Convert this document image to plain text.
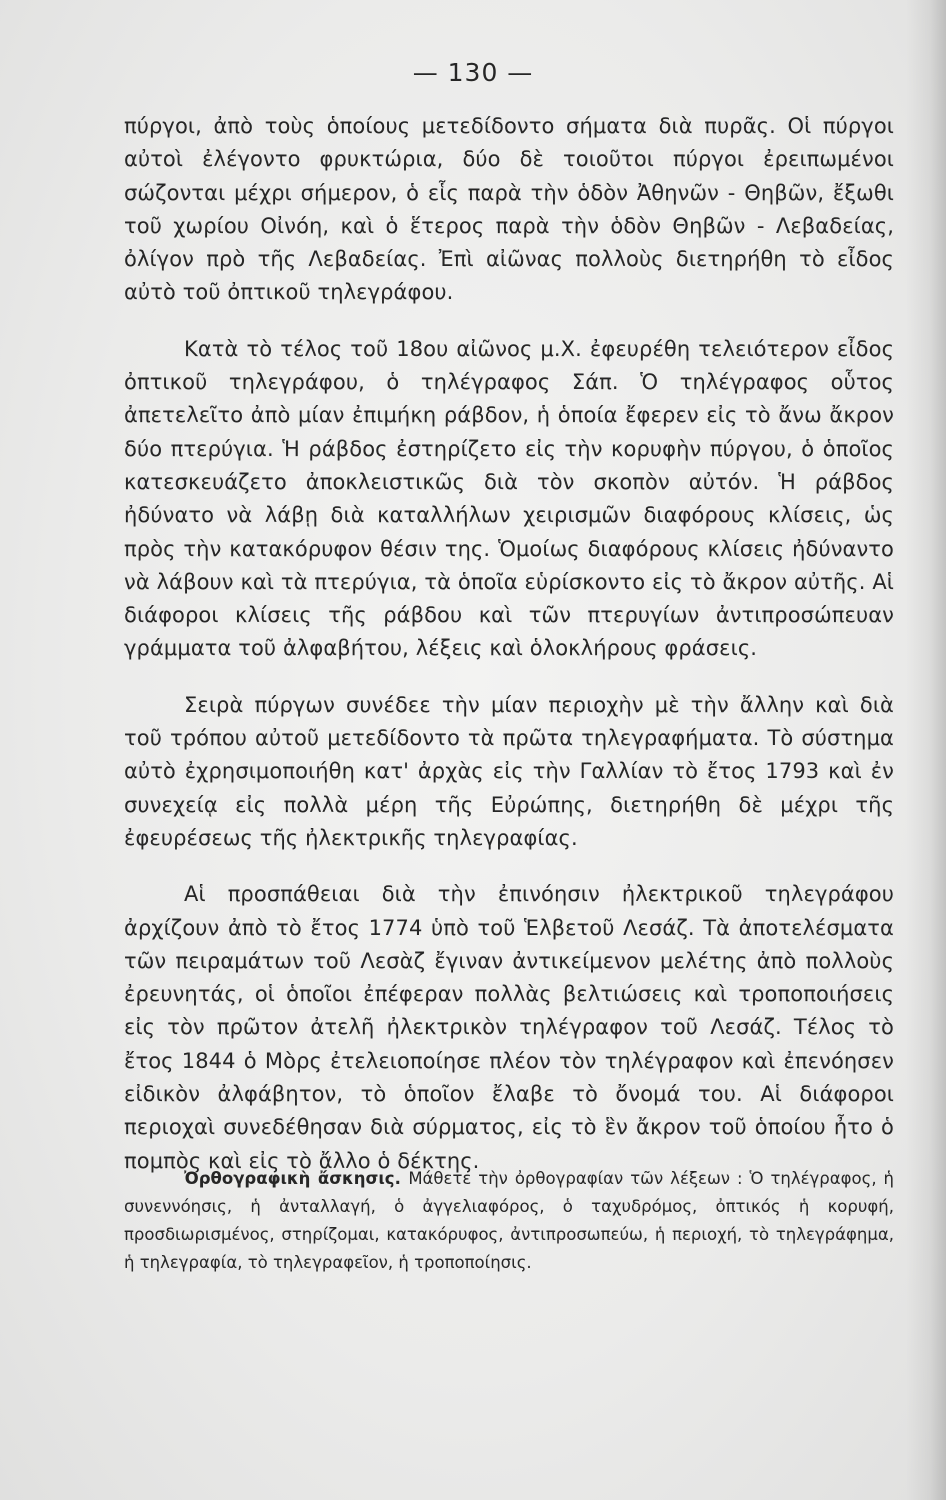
— 130 —

πύργοι, ἀπὸ τοὺς ὁποίους μετεδίδοντο σήματα διὰ πυρᾶς. Οἱ πύργοι αὐτοὶ ἐλέγοντο φρυκτώρια, δύο δὲ τοιοῦτοι πύργοι ἐρειπωμένοι σώζονται μέχρι σήμερον, ὁ εἷς παρὰ τὴν ὁδὸν Ἀθηνῶν - Θηβῶν, ἔξωθι τοῦ χωρίου Οἰνόη, καὶ ὁ ἕτερος παρὰ τὴν ὁδὸν Θηβῶν - Λεβαδείας, ὀλίγον πρὸ τῆς Λεβαδείας. Ἐπὶ αἰῶνας πολλοὺς διετηρήθη τὸ εἶδος αὐτὸ τοῦ ὀπτικοῦ τηλεγράφου.

Κατὰ τὸ τέλος τοῦ 18ου αἰῶνος μ.Χ. ἐφευρέθη τελειότερον εἶδος ὀπτικοῦ τηλεγράφου, ὁ τηλέγραφος Σάπ. Ὁ τηλέγραφος οὗτος ἀπετελεῖτο ἀπὸ μίαν ἐπιμήκη ράβδον, ἡ ὁποία ἔφερεν εἰς τὸ ἄνω ἄκρον δύο πτερύγια. Ἡ ράβδος ἐστηρίζετο εἰς τὴν κορυφὴν πύργου, ὁ ὁποῖος κατεσκευάζετο ἀποκλειστικῶς διὰ τὸν σκοπὸν αὐτόν. Ἡ ράβδος ἠδύνατο νὰ λάβῃ διὰ καταλλήλων χειρισμῶν διαφόρους κλίσεις, ὡς πρὸς τὴν κατακόρυφον θέσιν της. Ὁμοίως διαφόρους κλίσεις ἠδύναντο νὰ λάβουν καὶ τὰ πτερύγια, τὰ ὁποῖα εὑρίσκοντο εἰς τὸ ἄκρον αὐτῆς. Αἱ διάφοροι κλίσεις τῆς ράβδου καὶ τῶν πτερυγίων ἀντιπροσώπευαν γράμματα τοῦ ἀλφαβήτου, λέξεις καὶ ὁλοκλήρους φράσεις.

Σειρὰ πύργων συνέδεε τὴν μίαν περιοχὴν μὲ τὴν ἄλλην καὶ διὰ τοῦ τρόπου αὐτοῦ μετεδίδοντο τὰ πρῶτα τηλεγραφήματα. Τὸ σύστημα αὐτὸ ἐχρησιμοποιήθη κατ' ἀρχὰς εἰς τὴν Γαλλίαν τὸ ἔτος 1793 καὶ ἐν συνεχείᾳ εἰς πολλὰ μέρη τῆς Εὐρώπης, διετηρήθη δὲ μέχρι τῆς ἐφευρέσεως τῆς ἠλεκτρικῆς τηλεγραφίας.

Αἱ προσπάθειαι διὰ τὴν ἐπινόησιν ἠλεκτρικοῦ τηλεγράφου ἀρχίζουν ἀπὸ τὸ ἔτος 1774 ὑπὸ τοῦ Ἑλβετοῦ Λεσάζ. Τὰ ἀποτελέσματα τῶν πειραμάτων τοῦ Λεσὰζ ἔγιναν ἀντικείμενον μελέτης ἀπὸ πολλοὺς ἐρευνητάς, οἱ ὁποῖοι ἐπέφεραν πολλὰς βελτιώσεις καὶ τροποποιήσεις εἰς τὸν πρῶτον ἀτελῆ ἠλεκτρικὸν τηλέγραφον τοῦ Λεσάζ. Τέλος τὸ ἔτος 1844 ὁ Μὸρς ἐτελειοποίησε πλέον τὸν τηλέγραφον καὶ ἐπενόησεν εἰδικὸν ἀλφάβητον, τὸ ὁποῖον ἔλαβε τὸ ὄνομά του. Αἱ διάφοροι περιοχαὶ συνεδέθησαν διὰ σύρματος, εἰς τὸ ἓν ἄκρον τοῦ ὁποίου ἦτο ὁ πομπὸς καὶ εἰς τὸ ἄλλο ὁ δέκτης.

Ὀρθογραφικὴ ἄσκησις. Μάθετε τὴν ὀρθογραφίαν τῶν λέξεων : Ὁ τηλέγραφος, ἡ συνεννόησις, ἡ ἀνταλλαγή, ὁ ἀγγελιαφόρος, ὁ ταχυδρόμος, ὀπτικός ἡ κορυφή, προσδιωρισμένος, στηρίζομαι, κατακόρυφος, ἀντιπροσωπεύω, ἡ περιοχή, τὸ τηλεγράφημα, ἡ τηλεγραφία, τὸ τηλεγραφεῖον, ἡ τροποποίησις.
